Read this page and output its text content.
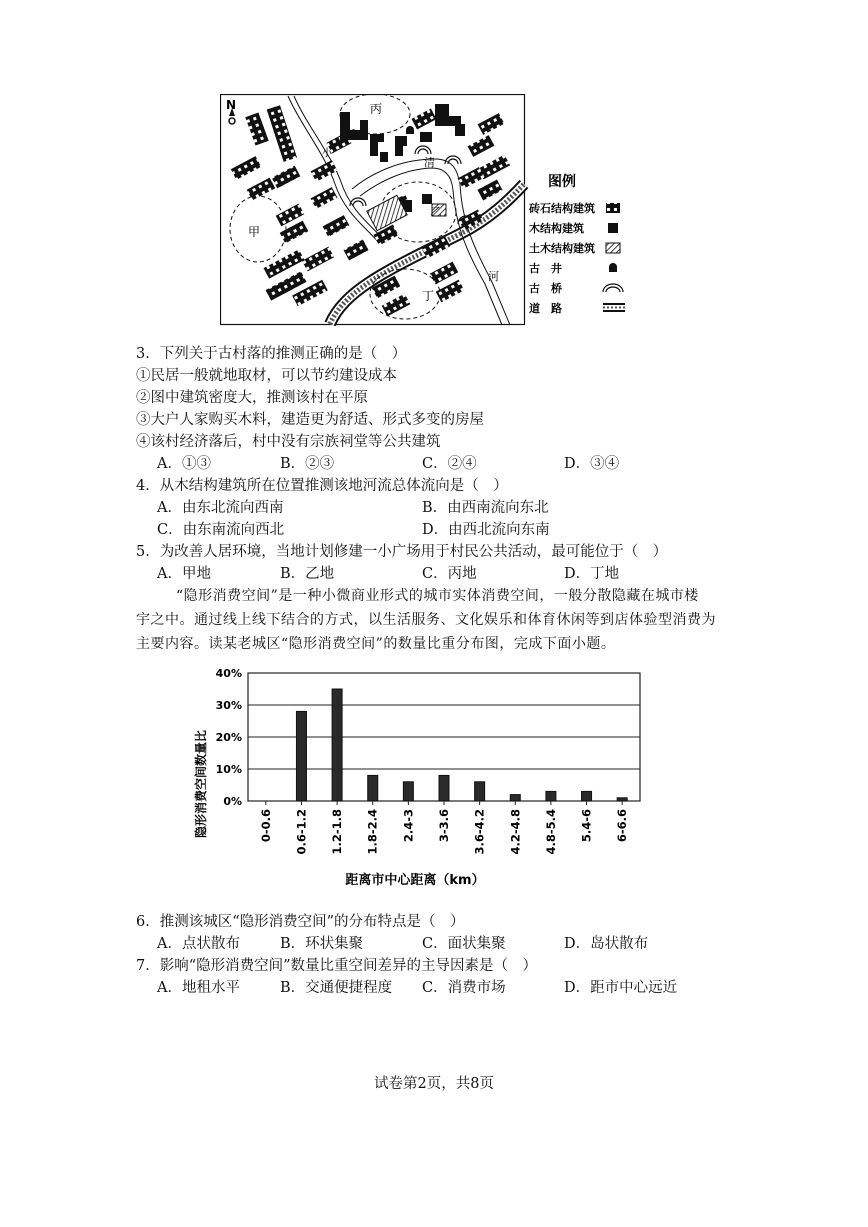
N
甲
丙
乙
丁
小
清
河
图例
砖石结构建筑
木结构建筑
土木结构建筑
古　井
古　桥
道　路
3．下列关于古村落的推测正确的是（　）
①民居一般就地取材，可以节约建设成本
②图中建筑密度大，推测该村在平原
③大户人家购买木料，建造更为舒适、形式多变的房屋
④该村经济落后，村中没有宗族祠堂等公共建筑
A．①③	B．②③	C．②④	D．③④
4．从木结构建筑所在位置推测该地河流总体流向是（　）
A．由东北流向西南	B．由西南流向东北
C．由东南流向西北	D．由西北流向东南
5．为改善人居环境，当地计划修建一小广场用于村民公共活动，最可能位于（　）
A．甲地	B．乙地	C．丙地	D．丁地
“隐形消费空间”是一种小微商业形式的城市实体消费空间，一般分散隐藏在城市楼
宇之中。通过线上线下结合的方式，以生活服务、文化娱乐和体育休闲等到店体验型消费为
主要内容。读某老城区“隐形消费空间”的数量比重分布图，完成下面小题。
隐形消费空间数量比
距离市中心距离（km）
0%
10%
20%
30%
40%
0-0.6 0.6-1.2 1.2-1.8 1.8-2.4 2.4-3 3-3.6 3.6-4.2 4.2-4.8 4.8-5.4 5.4-6 6-6.6
6．推测该城区“隐形消费空间”的分布特点是（　）
A．点状散布	B．环状集聚	C．面状集聚	D．岛状散布
7．影响“隐形消费空间”数量比重空间差异的主导因素是（　）
A．地租水平	B．交通便捷程度 C．消费市场	D．距市中心远近
试卷第2页，共8页
